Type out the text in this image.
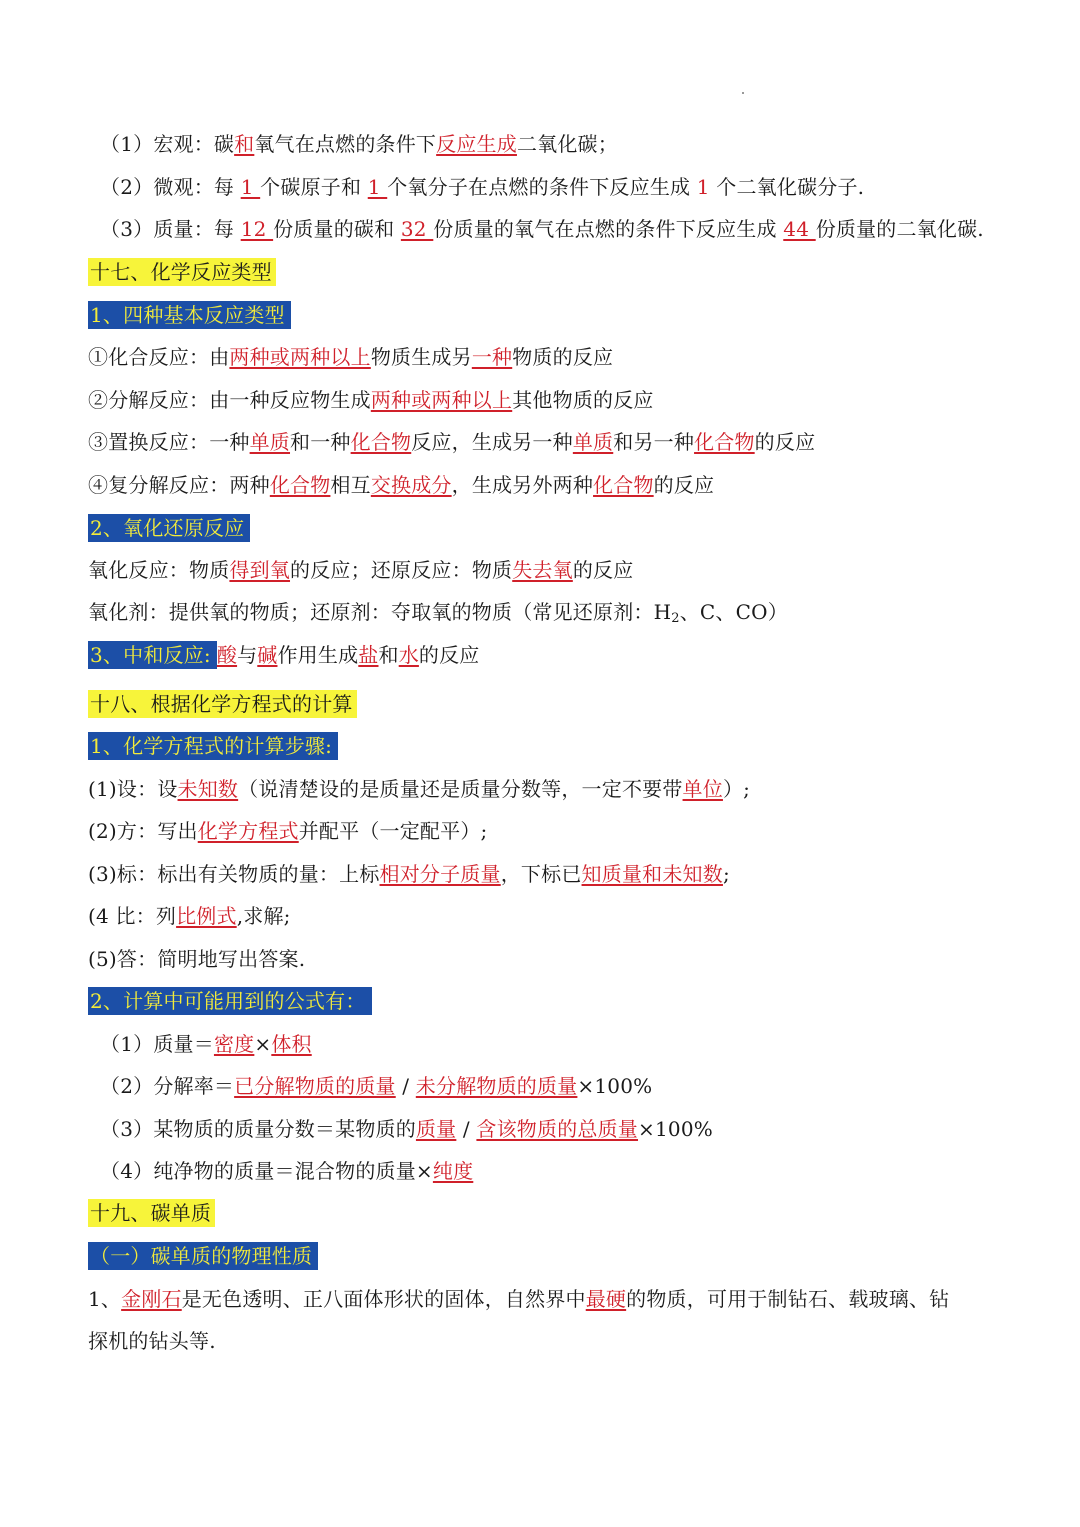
（1）宏观：碳和氧气在点燃的条件下反应生成二氧化碳；
（2）微观：每 1 个碳原子和 1 个氧分子在点燃的条件下反应生成 1 个二氧化碳分子.
（3）质量：每 12 份质量的碳和 32 份质量的氧气在点燃的条件下反应生成 44 份质量的二氧化碳.
十七、化学反应类型
1、四种基本反应类型
①化合反应：由两种或两种以上物质生成另一种物质的反应
②分解反应：由一种反应物生成两种或两种以上其他物质的反应
③置换反应：一种单质和一种化合物反应，生成另一种单质和另一种化合物的反应
④复分解反应：两种化合物相互交换成分，生成另外两种化合物的反应
2、氧化还原反应
氧化反应：物质得到氧的反应；还原反应：物质失去氧的反应
氧化剂：提供氧的物质；还原剂：夺取氧的物质（常见还原剂：$H_2$、C、CO）
3、中和反应: 酸与碱作用生成盐和水的反应
十八、根据化学方程式的计算
1、化学方程式的计算步骤:
(1)设：设未知数（说清楚设的是质量还是质量分数等，一定不要带单位）;
(2)方：写出化学方程式并配平（一定配平）;
(3)标：标出有关物质的量：上标相对分子质量，下标已知质量和未知数;
(4 比：列比例式,求解;
(5)答：简明地写出答案.
2、计算中可能用到的公式有：
（1）质量＝密度×体积
（2）分解率＝已分解物质的质量 / 未分解物质的质量×100%
（3）某物质的质量分数＝某物质的质量 / 含该物质的总质量×100%
（4）纯净物的质量＝混合物的质量×纯度
十九、碳单质
（一）碳单质的物理性质
1、金刚石是无色透明、正八面体形状的固体，自然界中最硬的物质，可用于制钻石、载玻璃、钻
探机的钻头等.
